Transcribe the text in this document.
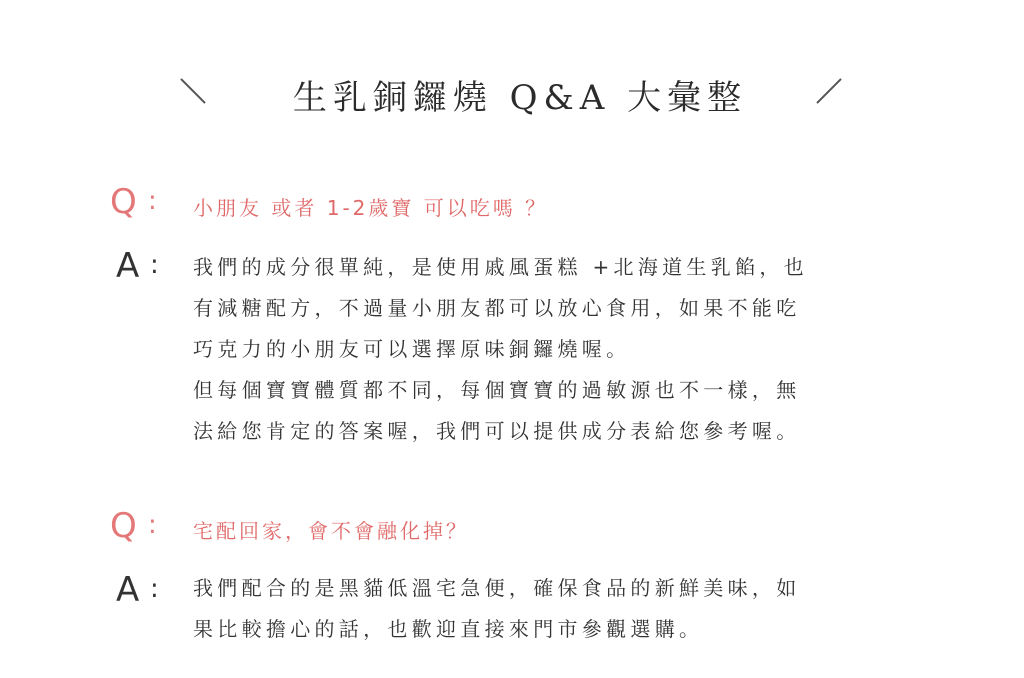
生乳銅鑼燒 Q&A 大彙整
Q : 小朋友 或者 1-2歲寶 可以吃嗎 ？
A : 我們的成分很單純，是使用戚風蛋糕 +北海道生乳餡，也
有減糖配方，不過量小朋友都可以放心食用，如果不能吃
巧克力的小朋友可以選擇原味銅鑼燒喔。
但每個寶寶體質都不同，每個寶寶的過敏源也不一樣，無
法給您肯定的答案喔，我們可以提供成分表給您參考喔。
Q : 宅配回家，會不會融化掉？
A : 我們配合的是黑貓低溫宅急便，確保食品的新鮮美味，如
果比較擔心的話，也歡迎直接來門市參觀選購。
